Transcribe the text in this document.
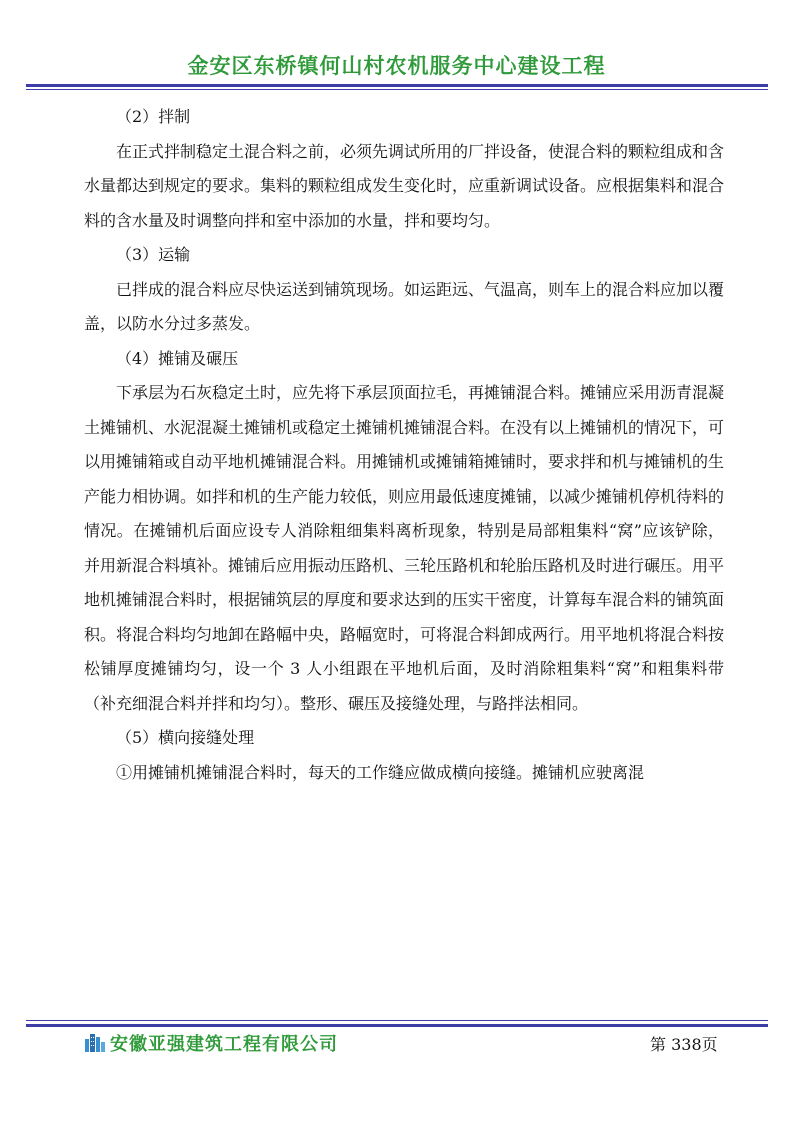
金安区东桥镇何山村农机服务中心建设工程

（2）拌制

在正式拌制稳定土混合料之前，必须先调试所用的厂拌设备，使混合料的颗粒组成和含水量都达到规定的要求。集料的颗粒组成发生变化时，应重新调试设备。应根据集料和混合料的含水量及时调整向拌和室中添加的水量，拌和要均匀。

（3）运输

已拌成的混合料应尽快运送到铺筑现场。如运距远、气温高，则车上的混合料应加以覆盖，以防水分过多蒸发。

（4）摊铺及碾压

下承层为石灰稳定土时，应先将下承层顶面拉毛，再摊铺混合料。摊铺应采用沥青混凝土摊铺机、水泥混凝土摊铺机或稳定土摊铺机摊铺混合料。在没有以上摊铺机的情况下，可以用摊铺箱或自动平地机摊铺混合料。用摊铺机或摊铺箱摊铺时，要求拌和机与摊铺机的生产能力相协调。如拌和机的生产能力较低，则应用最低速度摊铺，以减少摊铺机停机待料的情况。在摊铺机后面应设专人消除粗细集料离析现象，特别是局部粗集料“窝”应该铲除，并用新混合料填补。摊铺后应用振动压路机、三轮压路机和轮胎压路机及时进行碾压。用平地机摊铺混合料时，根据铺筑层的厚度和要求达到的压实干密度，计算每车混合料的铺筑面积。将混合料均匀地卸在路幅中央，路幅宽时，可将混合料卸成两行。用平地机将混合料按松铺厚度摊铺均匀，设一个 3 人小组跟在平地机后面，及时消除粗集料“窝”和粗集料带（补充细混合料并拌和均匀）。整形、碾压及接缝处理，与路拌法相同。

（5）横向接缝处理

①用摊铺机摊铺混合料时，每天的工作缝应做成横向接缝。摊铺机应驶离混

安徽亚强建筑工程有限公司	第 338页
